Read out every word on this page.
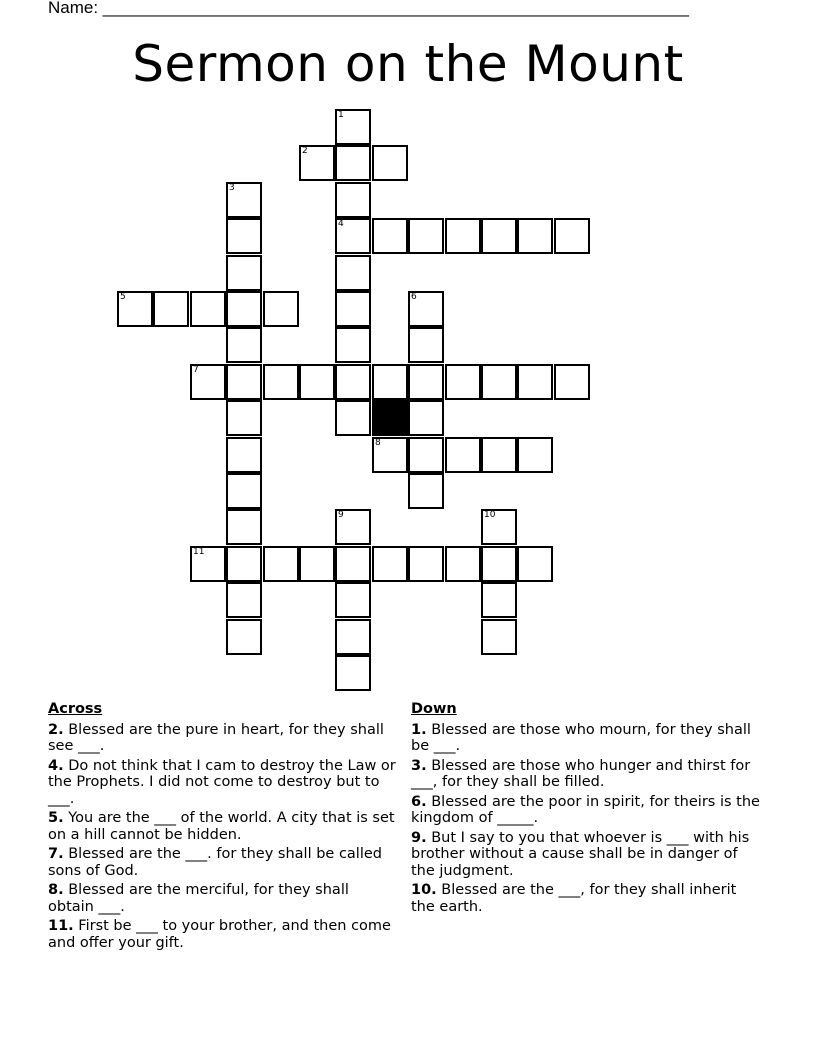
Name: ______________________________________________________________

Sermon on the Mount
1
2
3
4
5	6
7
8
9	10
11
Across
2. Blessed are the pure in heart, for they shall see ___.
4. Do not think that I cam to destroy the Law or the Prophets. I did not come to destroy but to ___.
5. You are the ___ of the world. A city that is set on a hill cannot be hidden.
7. Blessed are the ___. for they shall be called sons of God.
8. Blessed are the merciful, for they shall obtain ___.
11. First be ___ to your brother, and then come and offer your gift.
Down
1. Blessed are those who mourn, for they shall be ___.
3. Blessed are those who hunger and thirst for ___, for they shall be filled.
6. Blessed are the poor in spirit, for theirs is the kingdom of _____.
9. But I say to you that whoever is ___ with his brother without a cause shall be in danger of the judgment.
10. Blessed are the ___, for they shall inherit the earth.
